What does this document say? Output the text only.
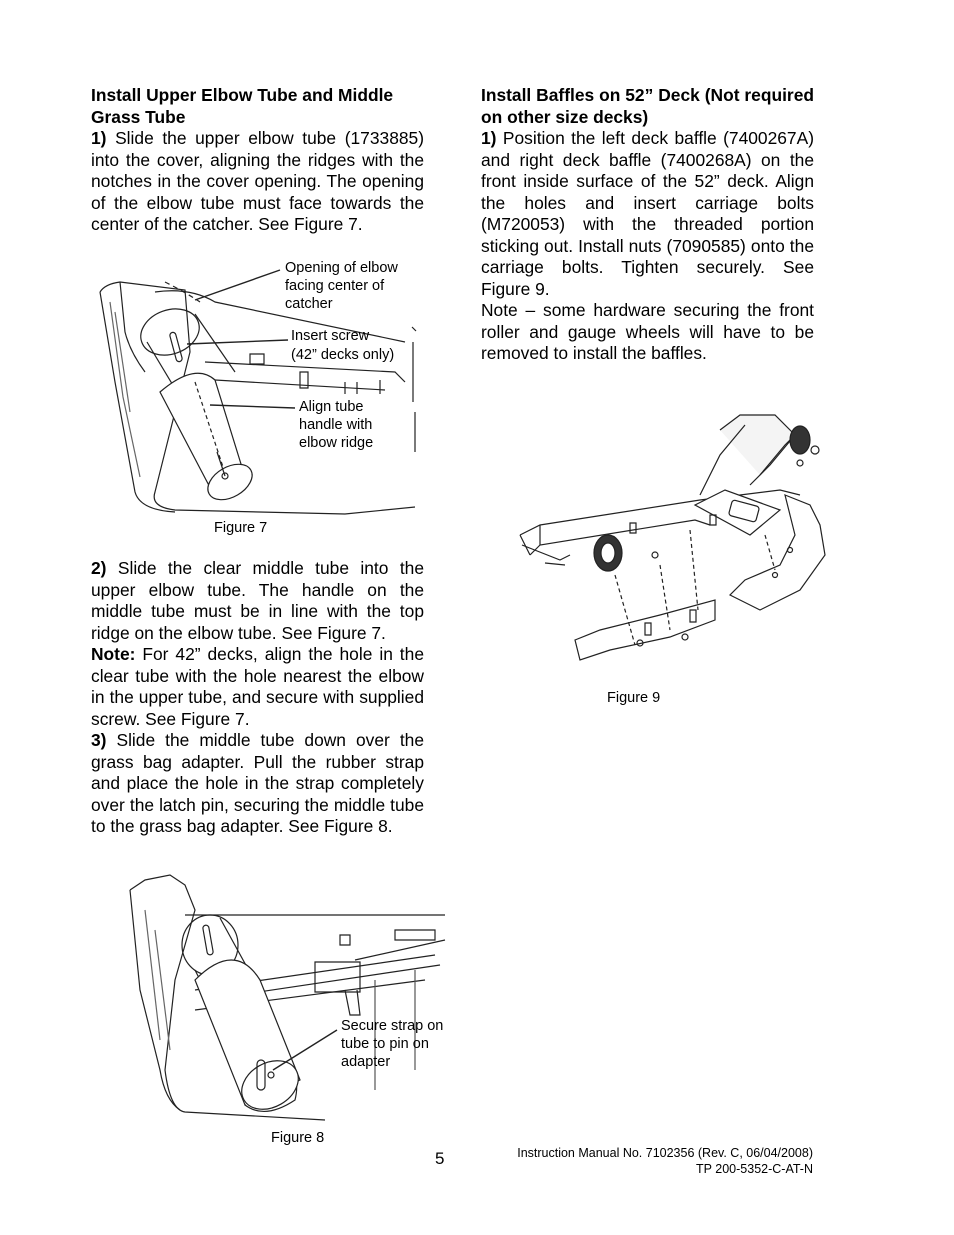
Install Upper Elbow Tube and Middle Grass Tube

1) Slide the upper elbow tube (1733885) into the cover, aligning the ridges with the notches in the cover opening. The opening of the elbow tube must face towards the center of the catcher. See Figure 7.

Opening of elbow facing center of catcher
Insert screw
(42” decks only)
Align tube handle with elbow ridge
Figure 7

2) Slide the clear middle tube into the upper elbow tube. The handle on the middle tube must be in line with the top ridge on the elbow tube. See Figure 7.

Note: For 42” decks, align the hole in the clear tube with the hole nearest the elbow in the upper tube, and secure with supplied screw. See Figure 7.

3) Slide the middle tube down over the grass bag adapter. Pull the rubber strap and place the hole in the strap completely over the latch pin, securing the middle tube to the grass bag adapter. See Figure 8.

Secure strap on tube to pin on adapter
Figure 8

Install Baffles on 52” Deck (Not required on other size decks)

1) Position the left deck baffle (7400267A) and right deck baffle (7400268A) on the front inside surface of the 52” deck. Align the holes and insert carriage bolts (M720053) with the threaded portion sticking out. Install nuts (7090585) onto the carriage bolts. Tighten securely. See Figure 9.

Note – some hardware securing the front roller and gauge wheels will have to be removed to install the baffles.

Figure 9
5	Instruction Manual No. 7102356 (Rev. C, 06/04/2008)
TP 200-5352-C-AT-N
